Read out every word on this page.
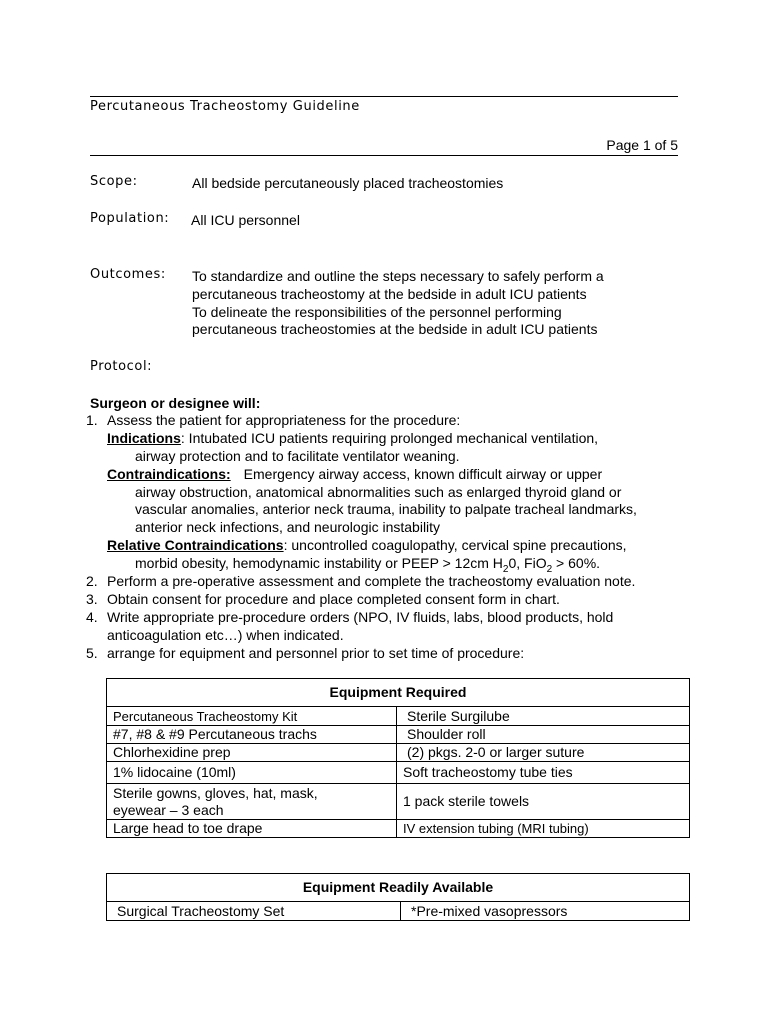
Percutaneous Tracheostomy Guideline
Page 1 of 5
Scope:	All bedside percutaneously placed tracheostomies
Population: All ICU personnel
Outcomes: To standardize and outline the steps necessary to safely perform a
percutaneous tracheostomy at the bedside in adult ICU patients
To delineate the responsibilities of the personnel performing
percutaneous tracheostomies at the bedside in adult ICU patients
Protocol:
Surgeon or designee will:
1. Assess the patient for appropriateness for the procedure:
Indications: Intubated ICU patients requiring prolonged mechanical ventilation,
airway protection and to facilitate ventilator weaning.
Contraindications: Emergency airway access, known difficult airway or upper
airway obstruction, anatomical abnormalities such as enlarged thyroid gland or
vascular anomalies, anterior neck trauma, inability to palpate tracheal landmarks,
anterior neck infections, and neurologic instability
Relative Contraindications: uncontrolled coagulopathy, cervical spine precautions,
morbid obesity, hemodynamic instability or PEEP > 12cm $H_20$, FiO$_2$ > 60%.
2. Perform a pre-operative assessment and complete the tracheostomy evaluation note.
3. Obtain consent for procedure and place completed consent form in chart.
4. Write appropriate pre-procedure orders (NPO, IV fluids, labs, blood products, hold
anticoagulation etc…) when indicated.
5. arrange for equipment and personnel prior to set time of procedure:
Equipment Required	
Percutaneous Tracheostomy Kit	Sterile Surgilube
#7, #8 & #9 Percutaneous trachs	Shoulder roll
Chlorhexidine prep	(2) pkgs. 2-0 or larger suture
1% lidocaine (10ml)	Soft tracheostomy tube ties

Sterile gowns, gloves, hat, mask,
eyewear – 3 each	1 pack sterile towels
Large head to toe drape	IV extension tubing (MRI tubing)
Equipment Readily Available
Surgical Tracheostomy Set	*Pre-mixed vasopressors
